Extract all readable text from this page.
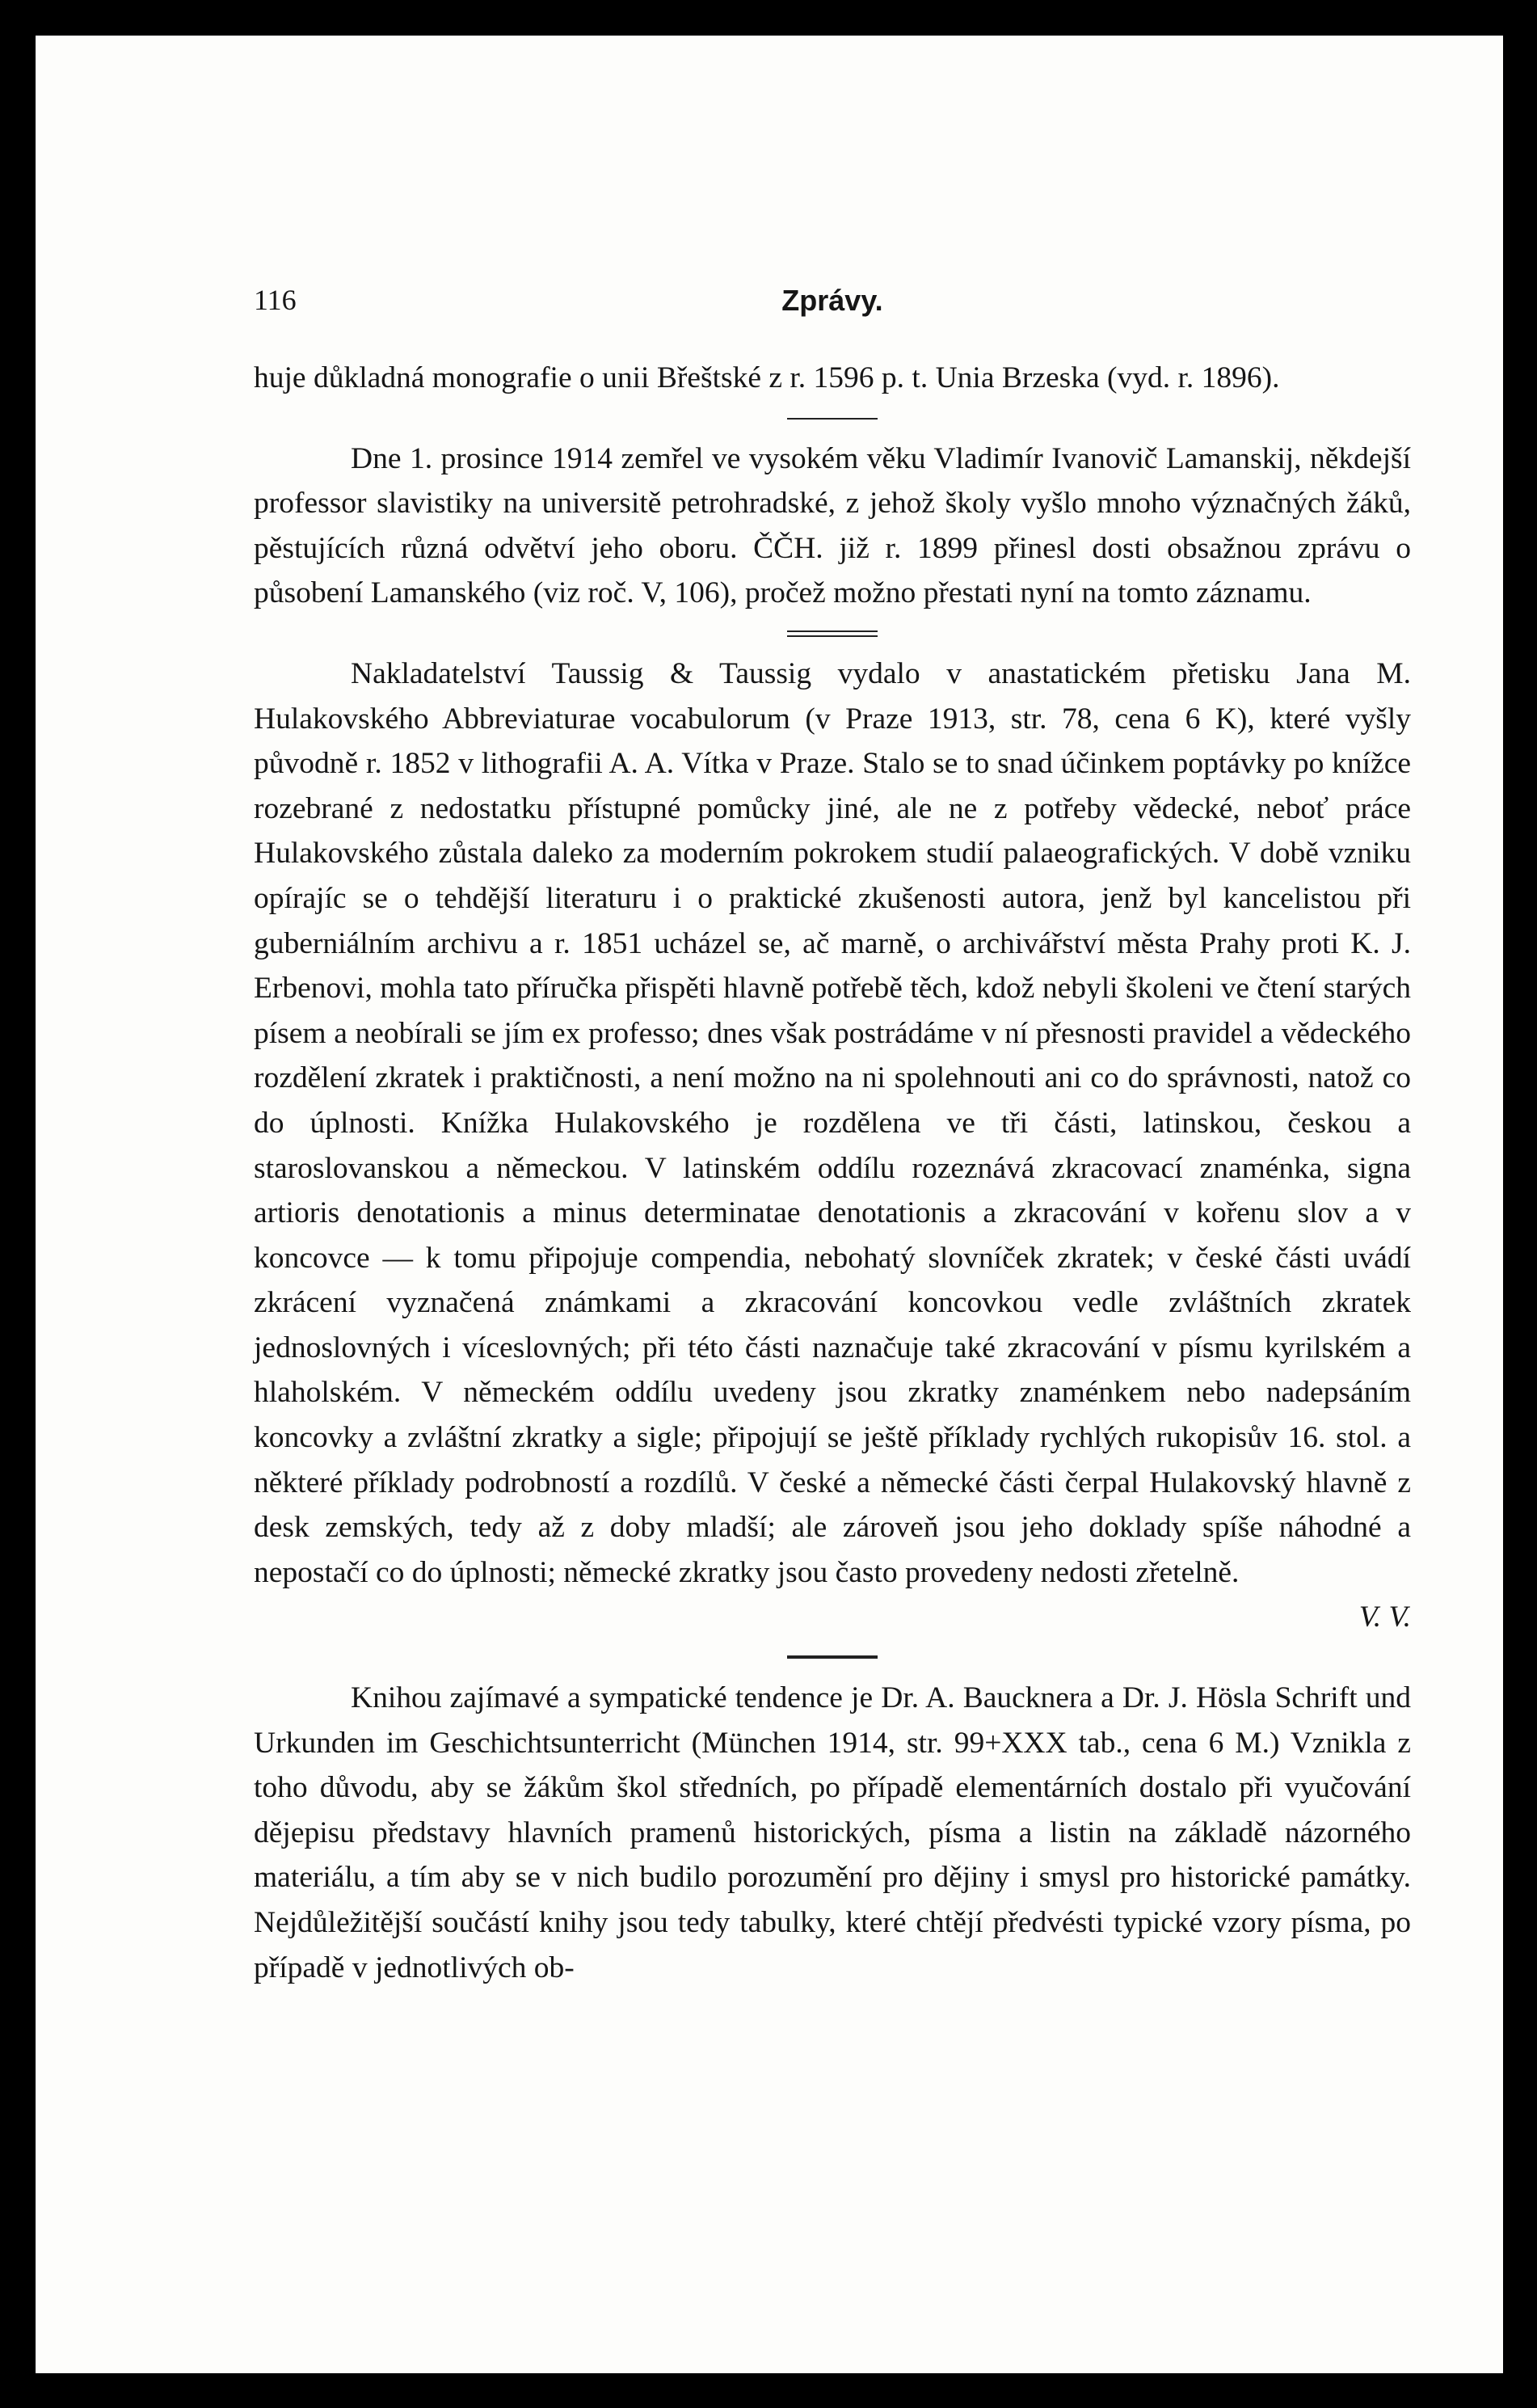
116	Zprávy.

huje důkladná monografie o unii Břeštské z r. 1596 p. t. Unia Brzeska (vyd. r. 1896).

Dne 1. prosince 1914 zemřel ve vysokém věku Vladimír Ivanovič Lamanskij, někdejší professor slavistiky na universitě petrohradské, z jehož školy vyšlo mnoho význačných žáků, pěstujících různá odvětví jeho oboru. ČČH. již r. 1899 přinesl dosti obsažnou zprávu o působení Lamanského (viz roč. V, 106), pročež možno přestati nyní na tomto záznamu.

Nakladatelství Taussig & Taussig vydalo v anastatickém přetisku Jana M. Hulakovského Abbreviaturae vocabulorum (v Praze 1913, str. 78, cena 6 K), které vyšly původně r. 1852 v lithografii A. A. Vítka v Praze. Stalo se to snad účinkem poptávky po knížce rozebrané z nedostatku přístupné pomůcky jiné, ale ne z potřeby vědecké, neboť práce Hulakovského zůstala daleko za moderním pokrokem studií palaeografických. V době vzniku opírajíc se o tehdější literaturu i o praktické zkušenosti autora, jenž byl kancelistou při guberniálním archivu a r. 1851 ucházel se, ač marně, o archivářství města Prahy proti K. J. Erbenovi, mohla tato příručka přispěti hlavně potřebě těch, kdož nebyli školeni ve čtení starých písem a neobírali se jím ex professo; dnes však postrádáme v ní přesnosti pravidel a vědeckého rozdělení zkratek i praktičnosti, a není možno na ni spolehnouti ani co do správnosti, natož co do úplnosti. Knížka Hulakovského je rozdělena ve tři části, latinskou, českou a staroslovanskou a německou. V latinském oddílu rozeznává zkracovací znaménka, signa artioris denotationis a minus determinatae denotationis a zkracování v kořenu slov a v koncovce — k tomu připojuje compendia, nebohatý slovníček zkratek; v české části uvádí zkrácení vyznačená známkami a zkracování koncovkou vedle zvláštních zkratek jednoslovných i víceslovných; při této části naznačuje také zkracování v písmu kyrilském a hlaholském. V německém oddílu uvedeny jsou zkratky znaménkem nebo nadepsáním koncovky a zvláštní zkratky a sigle; připojují se ještě příklady rychlých rukopisův 16. stol. a některé příklady podrobností a rozdílů. V české a německé části čerpal Hulakovský hlavně z desk zemských, tedy až z doby mladší; ale zároveň jsou jeho doklady spíše náhodné a nepostačí co do úplnosti; německé zkratky jsou často provedeny nedosti zřetelně.

V. V.

Knihou zajímavé a sympatické tendence je Dr. A. Baucknera a Dr. J. Hösla Schrift und Urkunden im Geschichtsunterricht (München 1914, str. 99+XXX tab., cena 6 M.) Vznikla z toho důvodu, aby se žákům škol středních, po případě elementárních dostalo při vyučování dějepisu představy hlavních pramenů historických, písma a listin na základě názorného materiálu, a tím aby se v nich budilo porozumění pro dějiny i smysl pro historické památky. Nejdůležitější součástí knihy jsou tedy tabulky, které chtějí předvésti typické vzory písma, po případě v jednotlivých ob-
